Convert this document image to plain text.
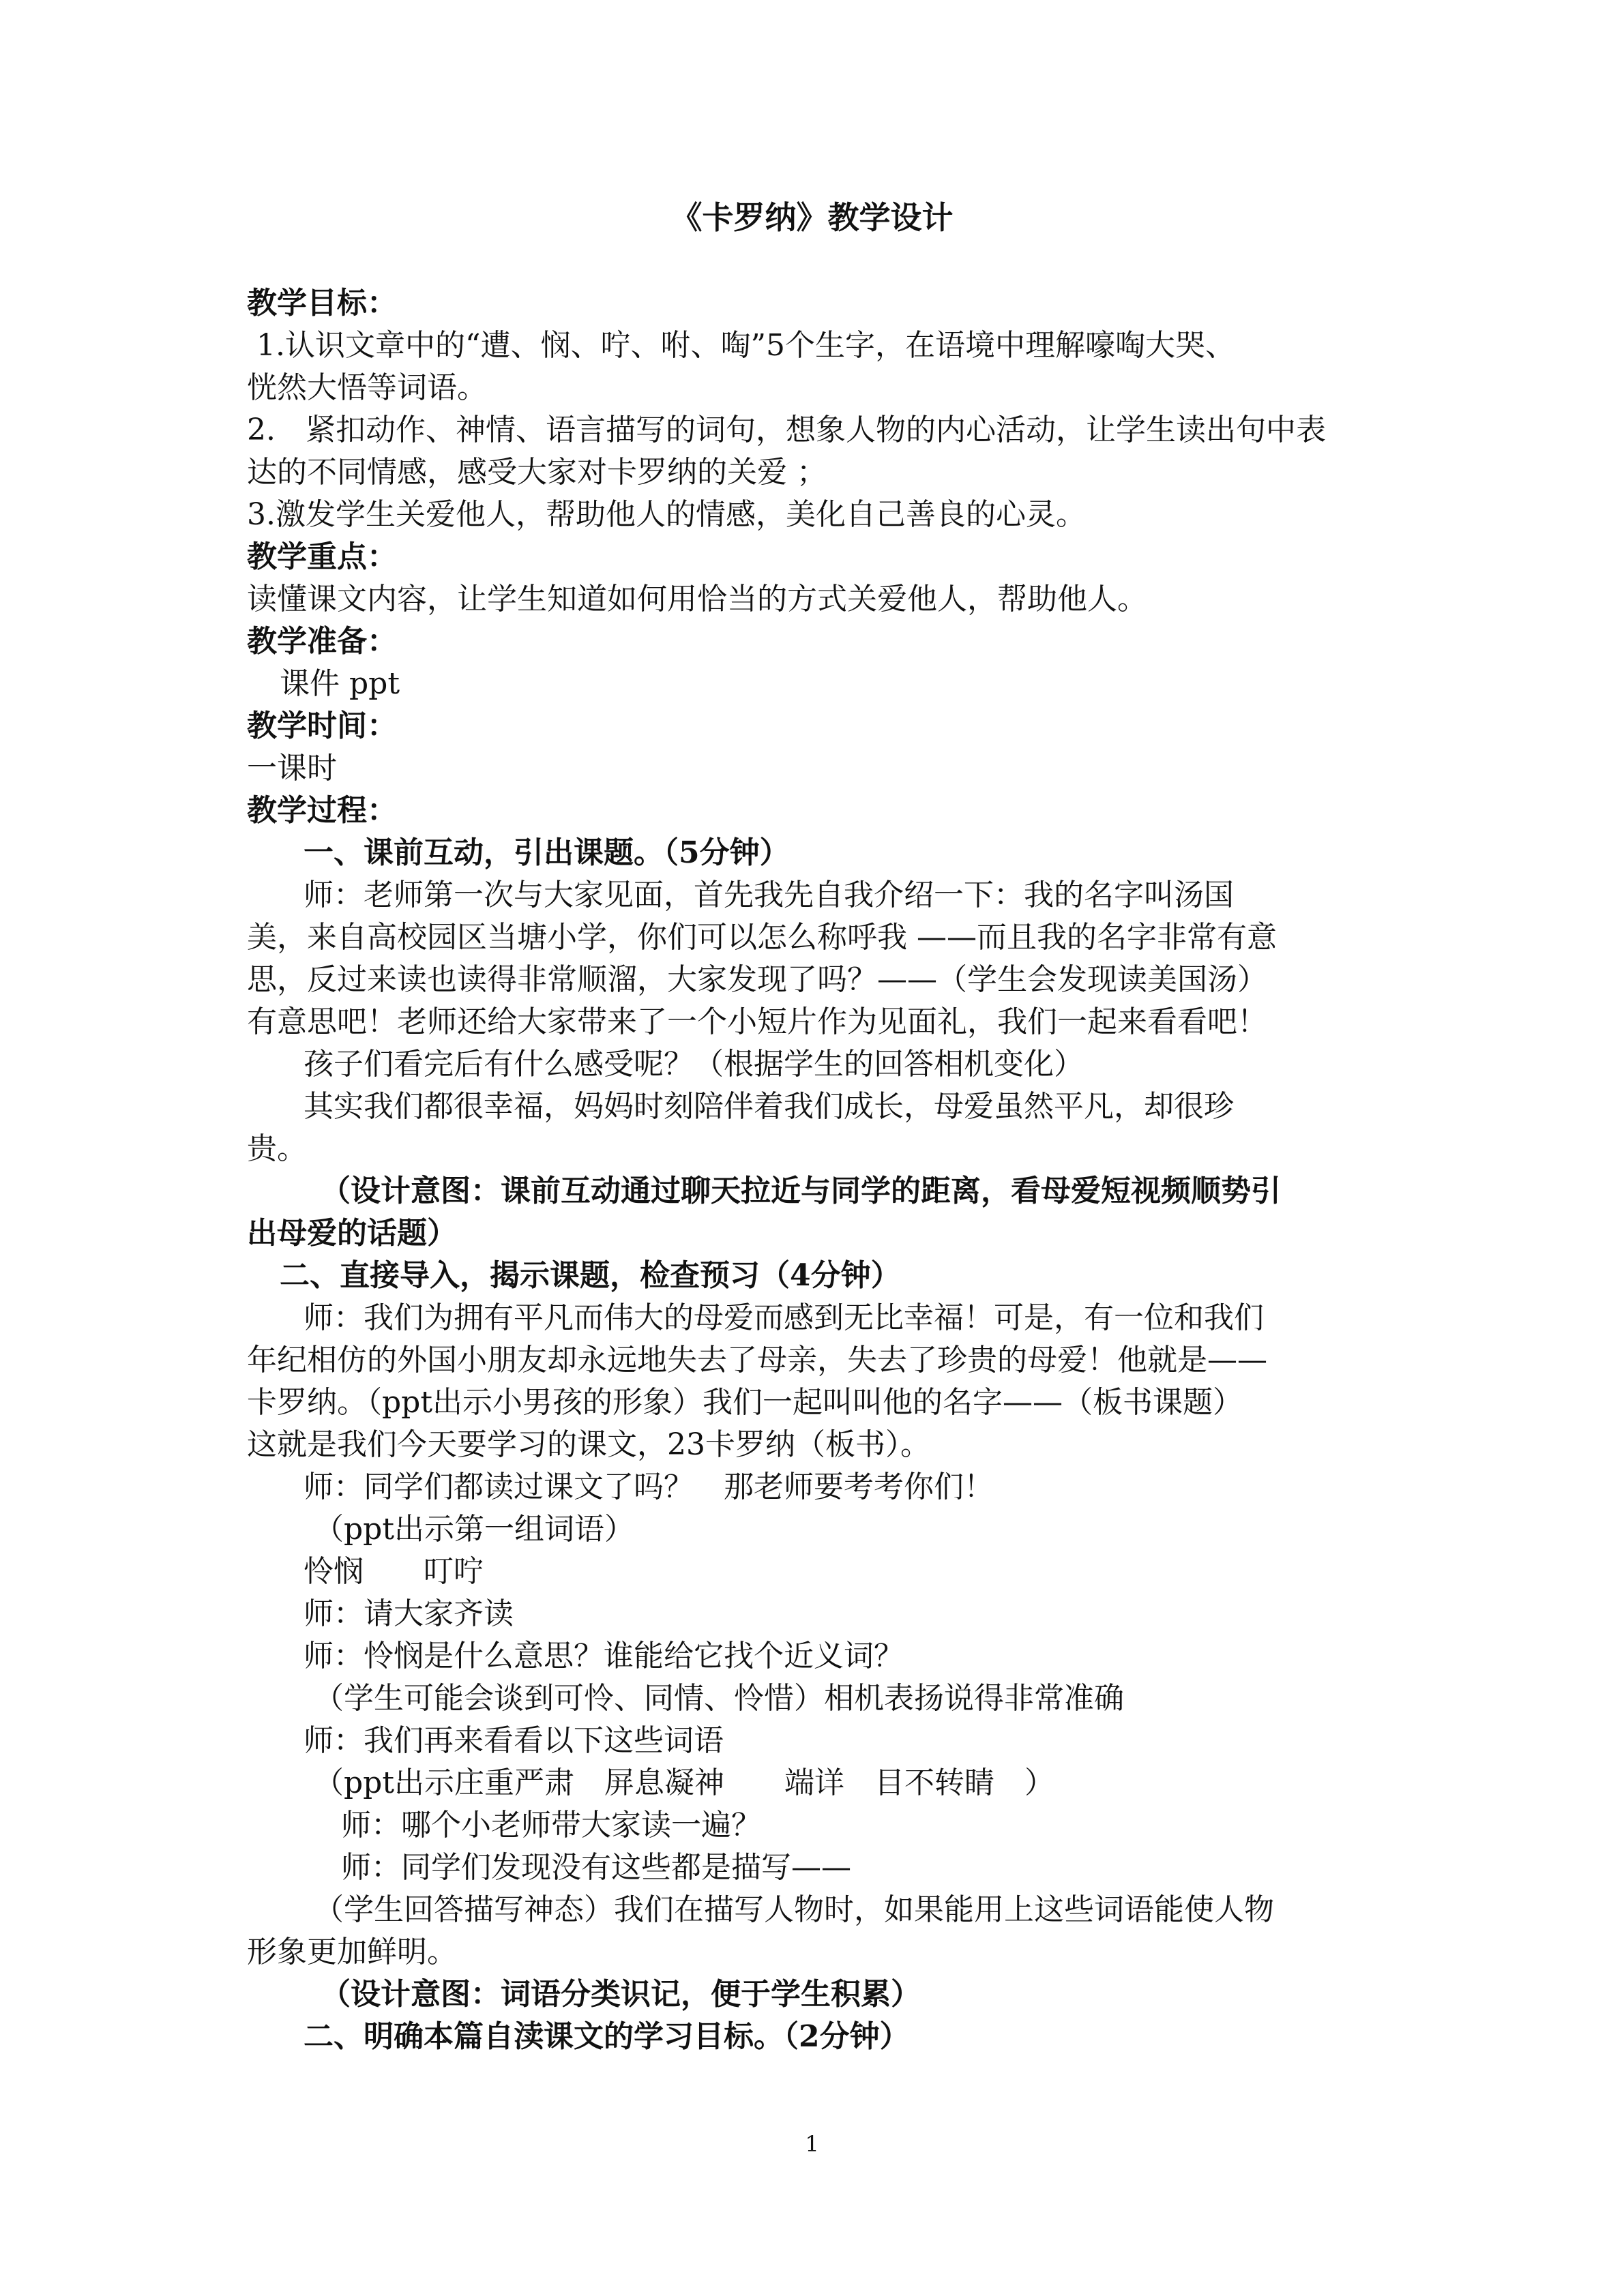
《卡罗纳》教学设计
教学目标：
1.认识文章中的“遭、悯、咛、咐、啕”5个生字，在语境中理解嚎啕大哭、
恍然大悟等词语。
2.　紧扣动作、神情、语言描写的词句，想象人物的内心活动，让学生读出句中表
达的不同情感，感受大家对卡罗纳的关爱 ；
3.激发学生关爱他人，帮助他人的情感，美化自己善良的心灵。
教学重点：
读懂课文内容，让学生知道如何用恰当的方式关爱他人，帮助他人。
教学准备：
课件 ppt
教学时间：
一课时
教学过程：
一、课前互动，引出课题。（5分钟）
师：老师第一次与大家见面，首先我先自我介绍一下：我的名字叫汤国
美，来自高校园区当塘小学，你们可以怎么称呼我 ——而且我的名字非常有意
思，反过来读也读得非常顺溜，大家发现了吗？——（学生会发现读美国汤）
有意思吧！老师还给大家带来了一个小短片作为见面礼，我们一起来看看吧！
孩子们看完后有什么感受呢？（根据学生的回答相机变化）
其实我们都很幸福，妈妈时刻陪伴着我们成长，母爱虽然平凡，却很珍
贵。
（设计意图：课前互动通过聊天拉近与同学的距离，看母爱短视频顺势引
出母爱的话题）
二、直接导入，揭示课题，检查预习（4分钟）
师：我们为拥有平凡而伟大的母爱而感到无比幸福！可是，有一位和我们
年纪相仿的外国小朋友却永远地失去了母亲，失去了珍贵的母爱！他就是——
卡罗纳。（ppt出示小男孩的形象）我们一起叫叫他的名字——（板书课题）
这就是我们今天要学习的课文，23卡罗纳（板书）。
师：同学们都读过课文了吗？　那老师要考考你们！
（ppt出示第一组词语）
怜悯　　叮咛
师：请大家齐读
师：怜悯是什么意思？谁能给它找个近义词？
（学生可能会谈到可怜、同情、怜惜）相机表扬说得非常准确
师：我们再来看看以下这些词语
（ppt出示庄重严肃　屏息凝神　　端详　目不转睛　）
师：哪个小老师带大家读一遍？
师：同学们发现没有这些都是描写——
（学生回答描写神态）我们在描写人物时，如果能用上这些词语能使人物
形象更加鲜明。
（设计意图：词语分类识记，便于学生积累）
二、明确本篇自渎课文的学习目标。（2分钟）
1
